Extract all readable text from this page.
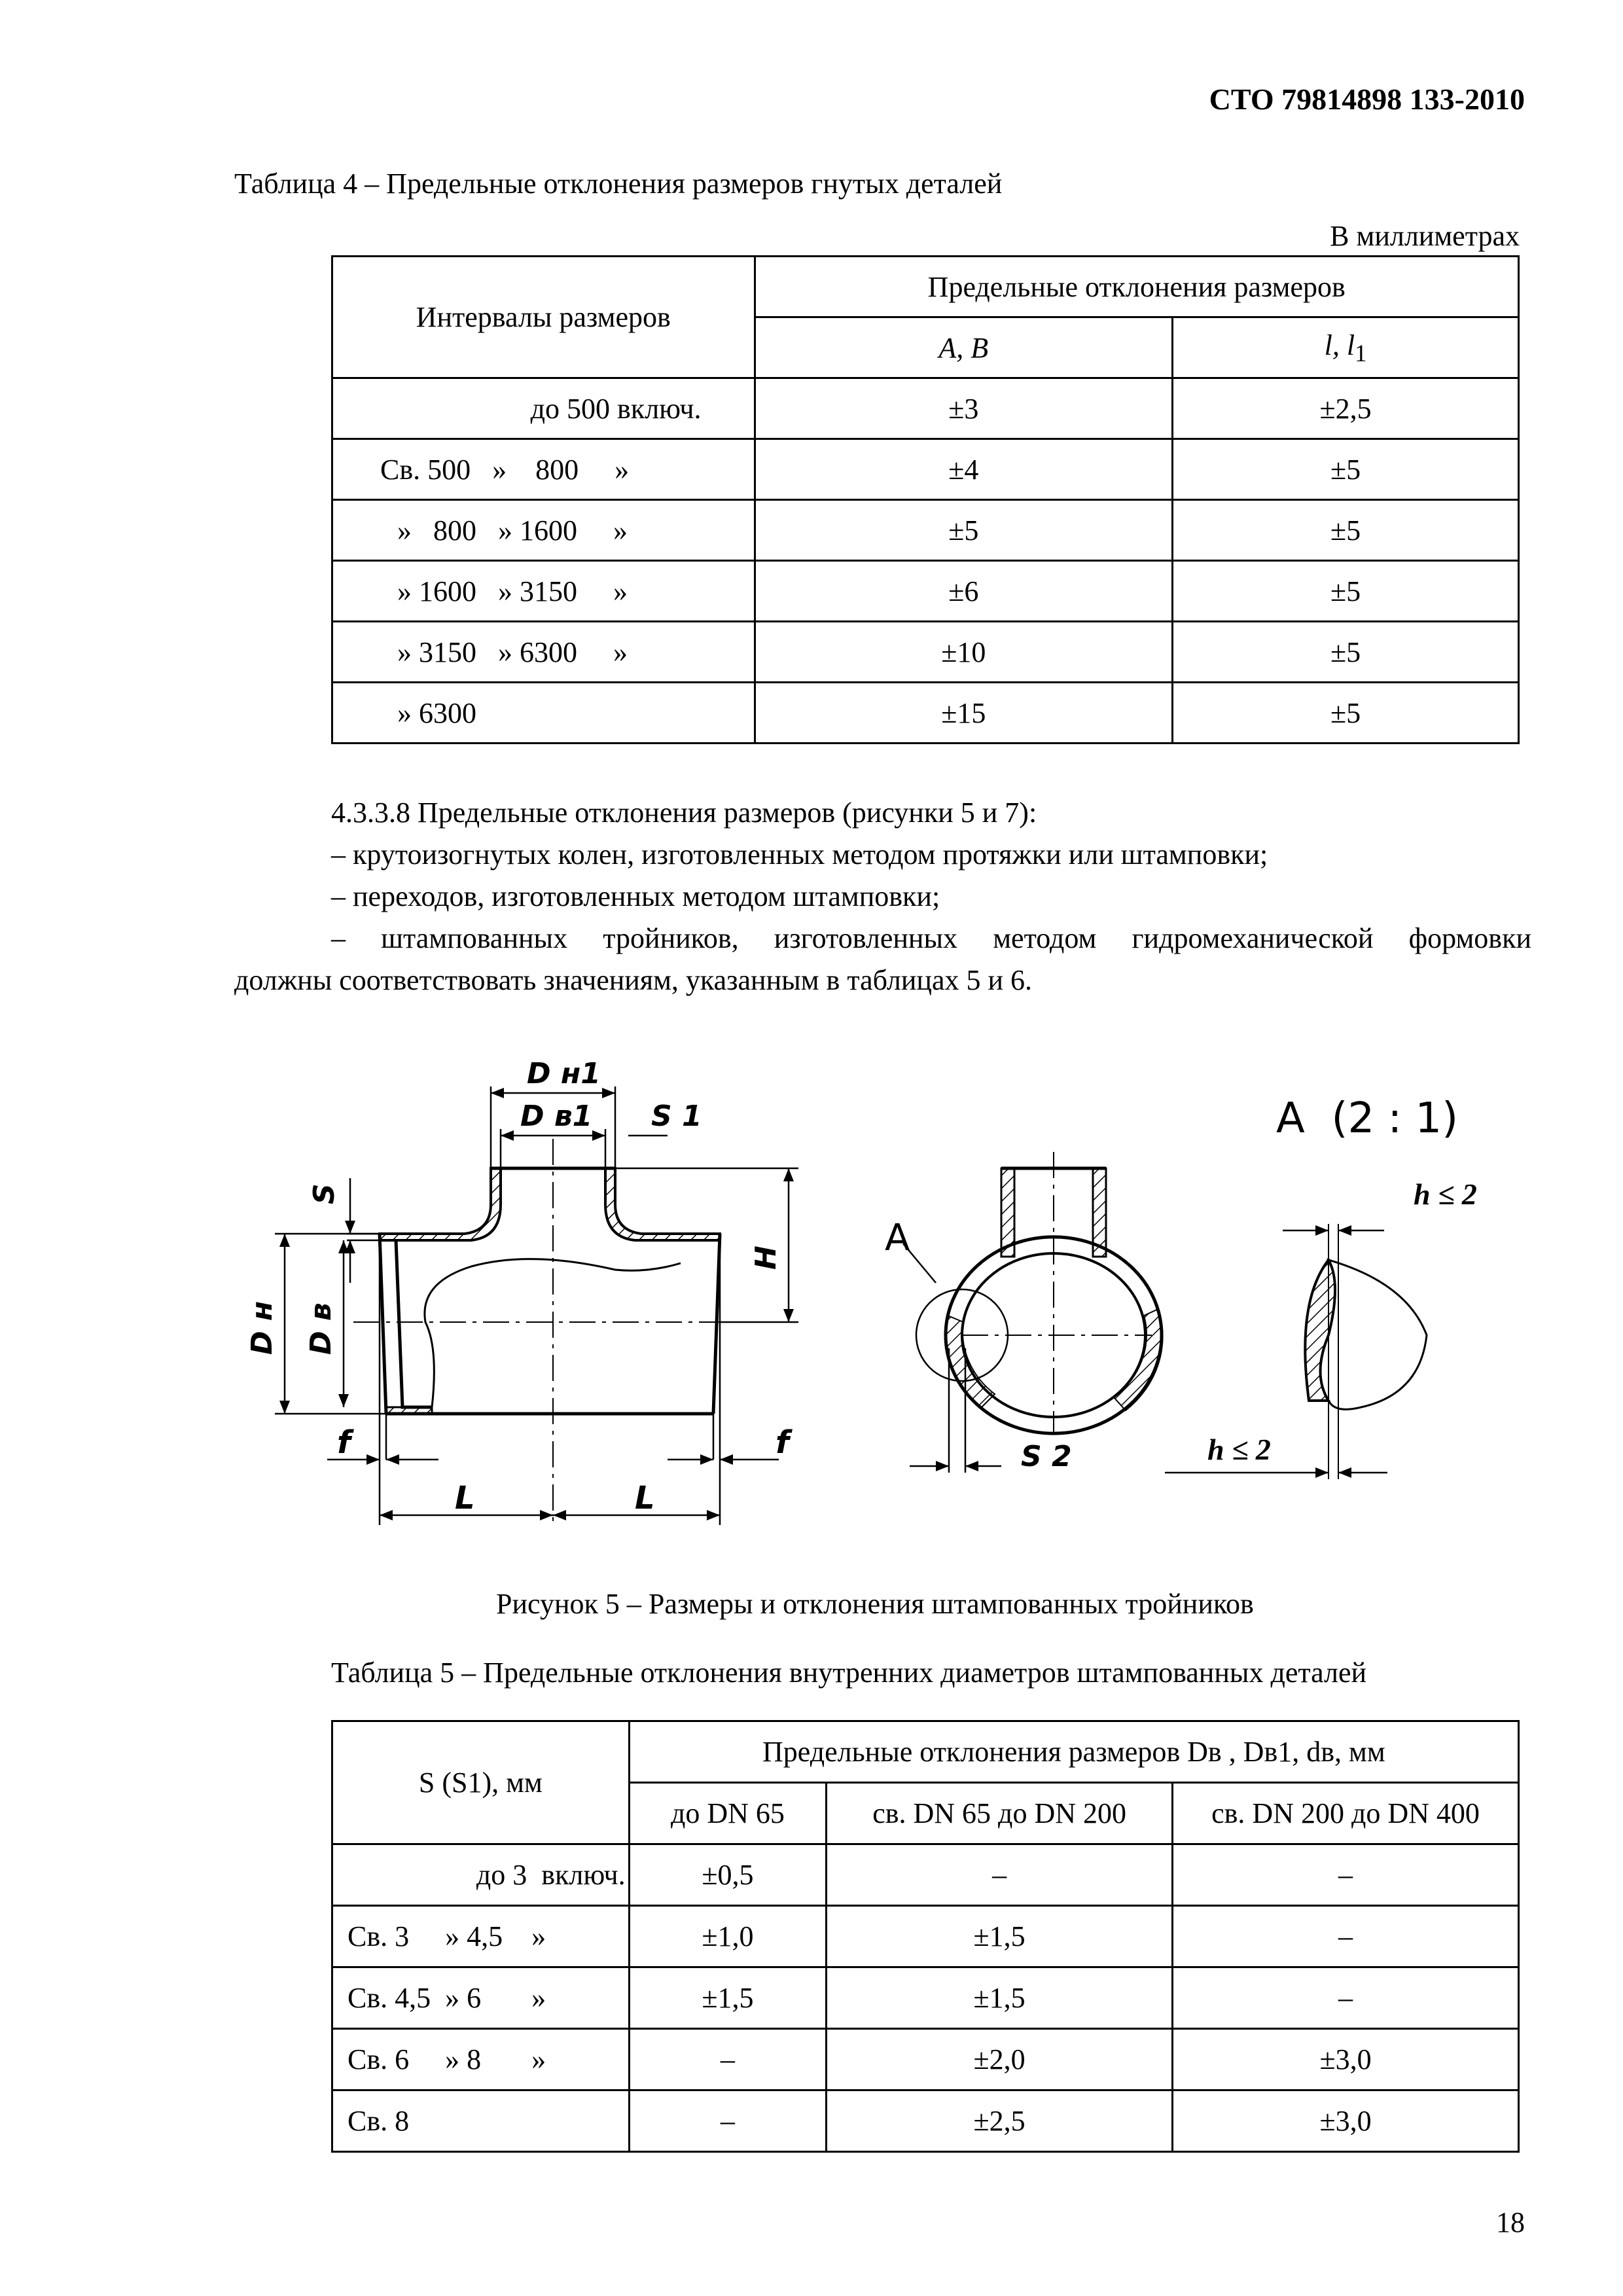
СТО 79814898 133-2010
Таблица 4 – Предельные отклонения размеров гнутых деталей
В миллиметрах
Интервалы размеров	Предельные отклонения размеров	
	A, B	l, $l_1$
до 500 включ.	±3	±2,5
Св. 500   »    800     »	±4	±5
»   800   » 1600     »	±5	±5
» 1600   » 3150     »	±6	±5
» 3150   » 6300     »	±10	±5
» 6300	±15	±5
4.3.3.8 Предельные отклонения размеров (рисунки 5 и 7):
– крутоизогнутых колен, изготовленных методом протяжки или штамповки;
– переходов, изготовленных методом штамповки;
– штампованных тройников, изготовленных методом гидромеханической формовки
должны соответствовать значениям, указанным в таблицах 5 и 6.
D н1
D в1 S 1
S
H
D н D в
f	f
L	L
A
S 2
A  (2 : 1)
h ≤ 2
h ≤ 2
Рисунок 5 – Размеры и отклонения штампованных тройников
Таблица 5 – Предельные отклонения внутренних диаметров штампованных деталей
S (S1), мм	Предельные отклонения размеров Dв , Dв1, dв, мм		
	до DN 65	св. DN 65 до DN 200	св. DN 200 до DN 400
до 3  включ.	±0,5	–	–
Св. 3     » 4,5    »	±1,0	±1,5	–
Св. 4,5  » 6       »	±1,5	±1,5	–
Св. 6     » 8       »	–	±2,0	±3,0
Св. 8	–	±2,5	±3,0
18
